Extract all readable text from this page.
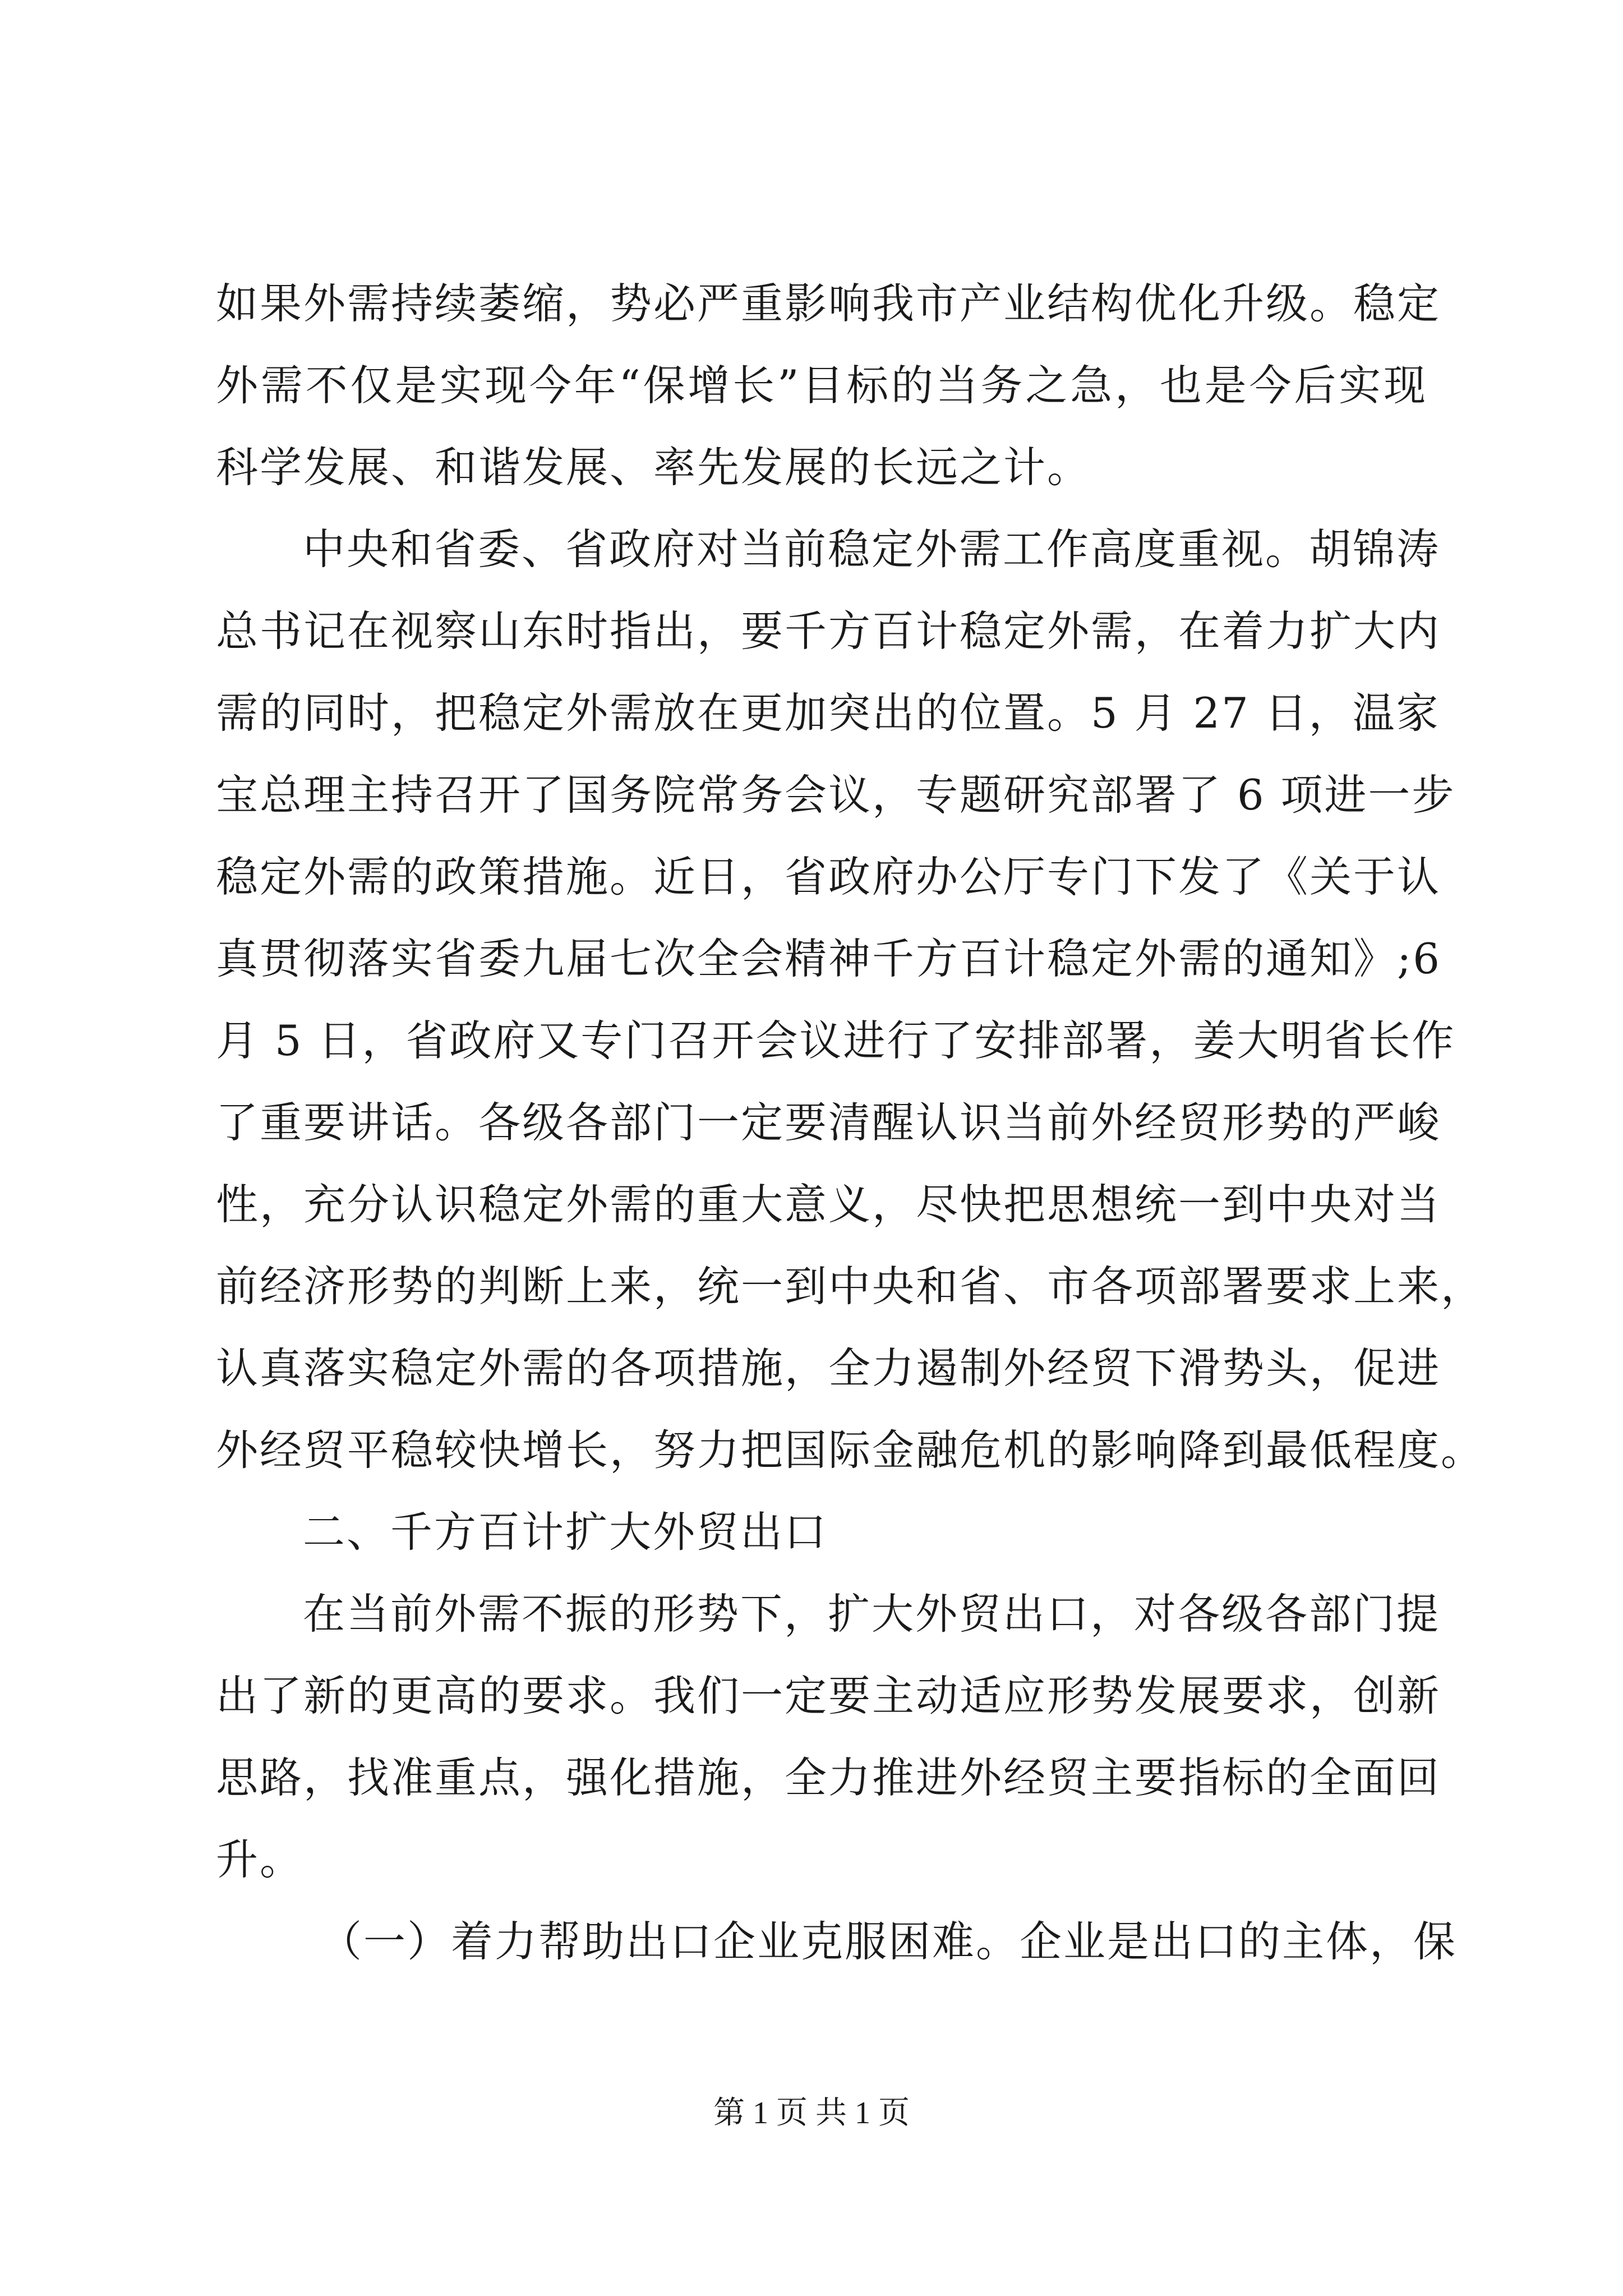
如果外需持续萎缩，势必严重影响我市产业结构优化升级。稳定
外需不仅是实现今年“保增长”目标的当务之急，也是今后实现
科学发展、和谐发展、率先发展的长远之计。
中央和省委、省政府对当前稳定外需工作高度重视。胡锦涛
总书记在视察山东时指出，要千方百计稳定外需，在着力扩大内
需的同时，把稳定外需放在更加突出的位置。5 月 27 日，温家
宝总理主持召开了国务院常务会议，专题研究部署了 6 项进一步
稳定外需的政策措施。近日，省政府办公厅专门下发了《关于认
真贯彻落实省委九届七次全会精神千方百计稳定外需的通知》;6
月 5 日，省政府又专门召开会议进行了安排部署，姜大明省长作
了重要讲话。各级各部门一定要清醒认识当前外经贸形势的严峻
性，充分认识稳定外需的重大意义，尽快把思想统一到中央对当
前经济形势的判断上来，统一到中央和省、市各项部署要求上来，
认真落实稳定外需的各项措施，全力遏制外经贸下滑势头，促进
外经贸平稳较快增长，努力把国际金融危机的影响降到最低程度。
二、千方百计扩大外贸出口
在当前外需不振的形势下，扩大外贸出口，对各级各部门提
出了新的更高的要求。我们一定要主动适应形势发展要求，创新
思路，找准重点，强化措施，全力推进外经贸主要指标的全面回
升。
（一）着力帮助出口企业克服困难。企业是出口的主体，保
第 1 页 共 1 页
